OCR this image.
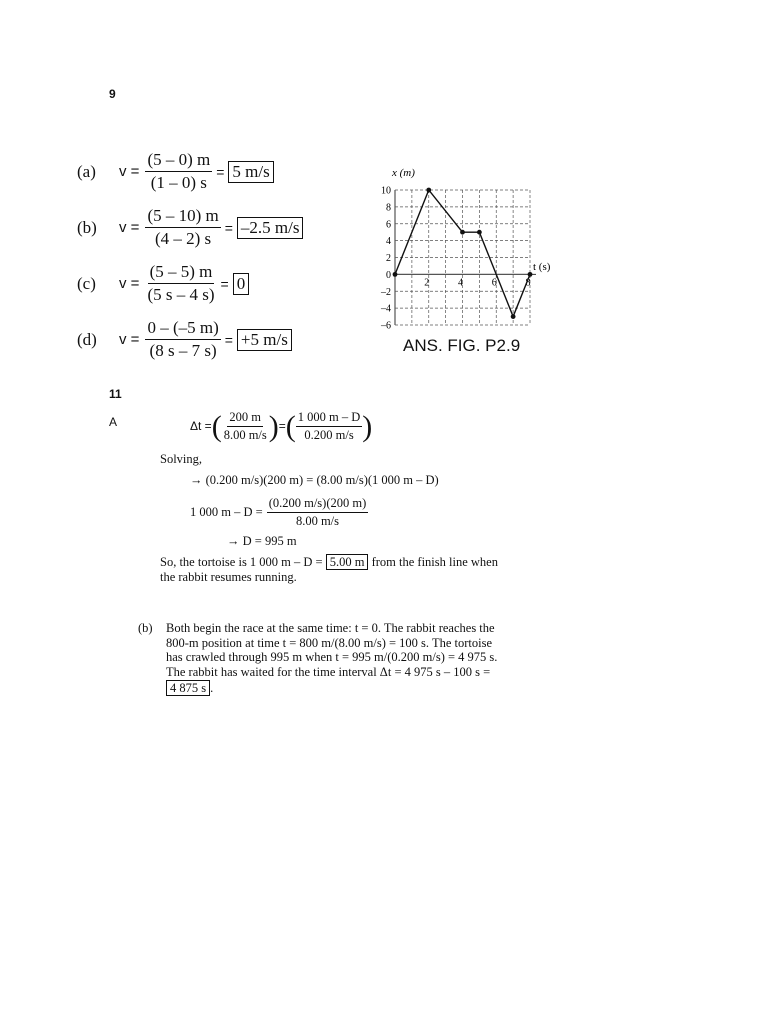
9
(a)	$v = \frac{(5 - 0) m}{(1 - 0) s} = 5$ m/s
(b)	$v = \frac{(5 - 10) m}{(4 - 2) s} = -2.5$ m/s
(c)	$v = \frac{(5 - 5) m}{(5 s - 4 s)} = 0$
(d)	$v = \frac{0 - (-5 m)}{(8 s - 7 s)} = +5$ m/s
10
8
6
4
2
0
–2
–4
–6
2	4	6	8
x (m)
t (s)
ANS. FIG. P2.9
11
A	Δt = ( $\frac{200 m}{8.00 m/s}$ ) = ( $\frac{1 000 m - D}{0.200 m/s}$ )
Solving,
→ (0.200 m/s)(200 m) = (8.00 m/s)(1 000 m – D)
1 000 $m - D = \frac{(0.200 m/s)(200 m)}{8.00 m/s}$
→ D = 995 m
So, the tortoise is 1 000 m – D = 5.00 m from the finish line when
the rabbit resumes running.
(b) Both begin the race at the same time: t = 0. The rabbit reaches the
800-m position at time t = 800 m/(8.00 m/s) = 100 s. The tortoise
has crawled through 995 m when t = 995 m/(0.200 m/s) = 4 975 s.
The rabbit has waited for the time interval Δt = 4 975 s – 100 s =
4 875 s .
